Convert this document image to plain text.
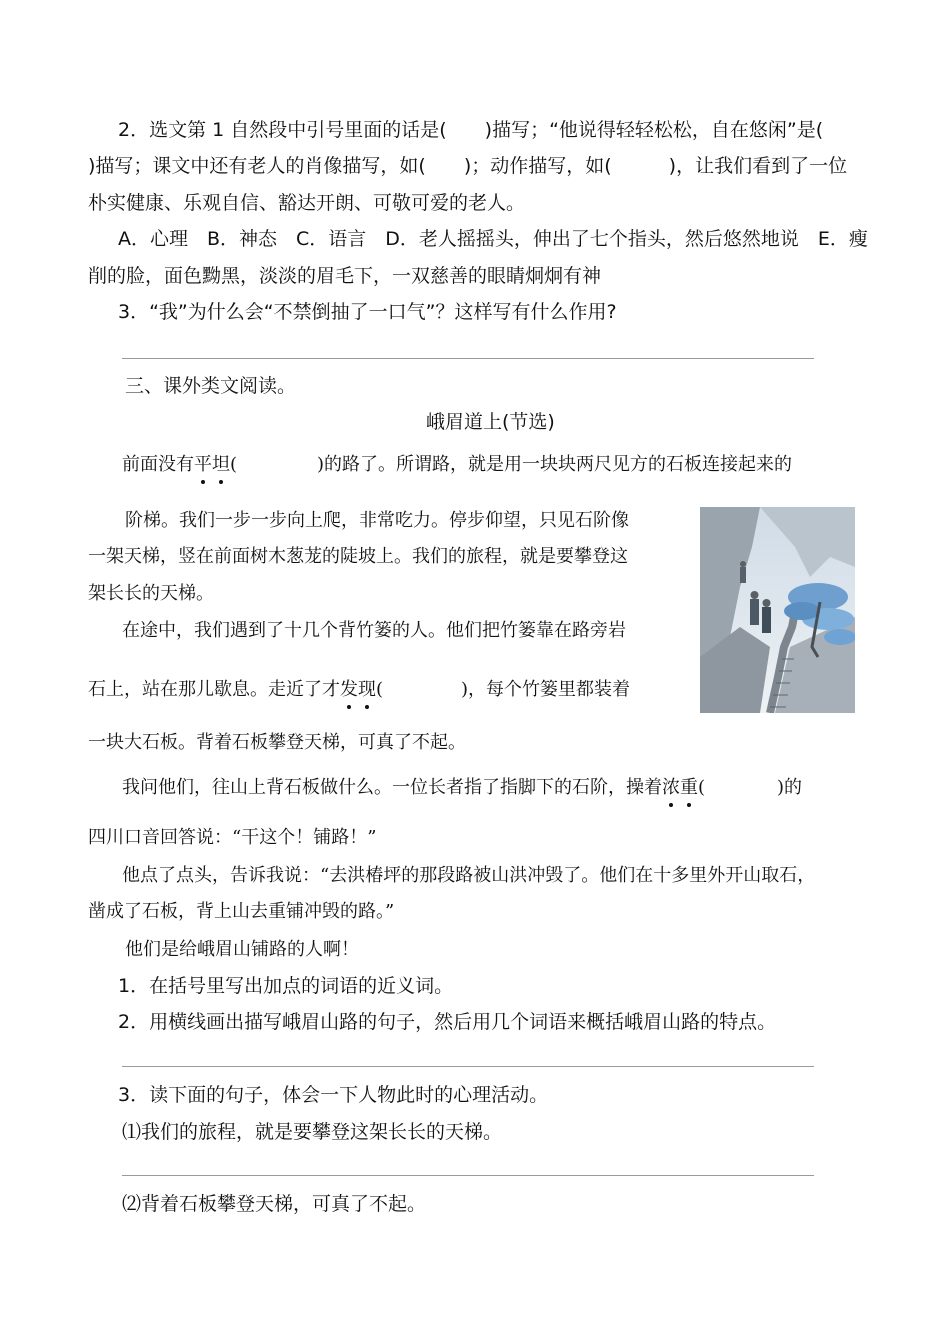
2．选文第 1 自然段中引号里面的话是(　　)描写；“他说得轻轻松松，自在悠闲”是(
)描写；课文中还有老人的肖像描写，如(　　)；动作描写，如(　　　)，让我们看到了一位
朴实健康、乐观自信、豁达开朗、可敬可爱的老人。
A．心理　B．神态　C．语言　D．老人摇摇头，伸出了七个指头，然后悠然地说　E．瘦
削的脸，面色黝黑，淡淡的眉毛下，一双慈善的眼睛炯炯有神
3．“我”为什么会“不禁倒抽了一口气”？这样写有什么作用?
三、课外类文阅读。
峨眉道上(节选)
前面没有平坦(	)的路了。所谓路，就是用一块块两尺见方的石板连接起来的
阶梯。我们一步一步向上爬，非常吃力。停步仰望，只见石阶像
一架天梯，竖在前面树木葱茏的陡坡上。我们的旅程，就是要攀登这
架长长的天梯。
在途中，我们遇到了十几个背竹篓的人。他们把竹篓靠在路旁岩
石上，站在那儿歇息。走近了才发现(	)，每个竹篓里都装着
一块大石板。背着石板攀登天梯，可真了不起。
我问他们，往山上背石板做什么。一位长者指了指脚下的石阶，操着浓重(	)的
四川口音回答说：“干这个！铺路！”
他点了点头，告诉我说：“去洪椿坪的那段路被山洪冲毁了。他们在十多里外开山取石，
凿成了石板，背上山去重铺冲毁的路。”
他们是给峨眉山铺路的人啊！
1．在括号里写出加点的词语的近义词。
2．用横线画出描写峨眉山路的句子，然后用几个词语来概括峨眉山路的特点。
3．读下面的句子，体会一下人物此时的心理活动。
⑴我们的旅程，就是要攀登这架长长的天梯。
⑵背着石板攀登天梯，可真了不起。
